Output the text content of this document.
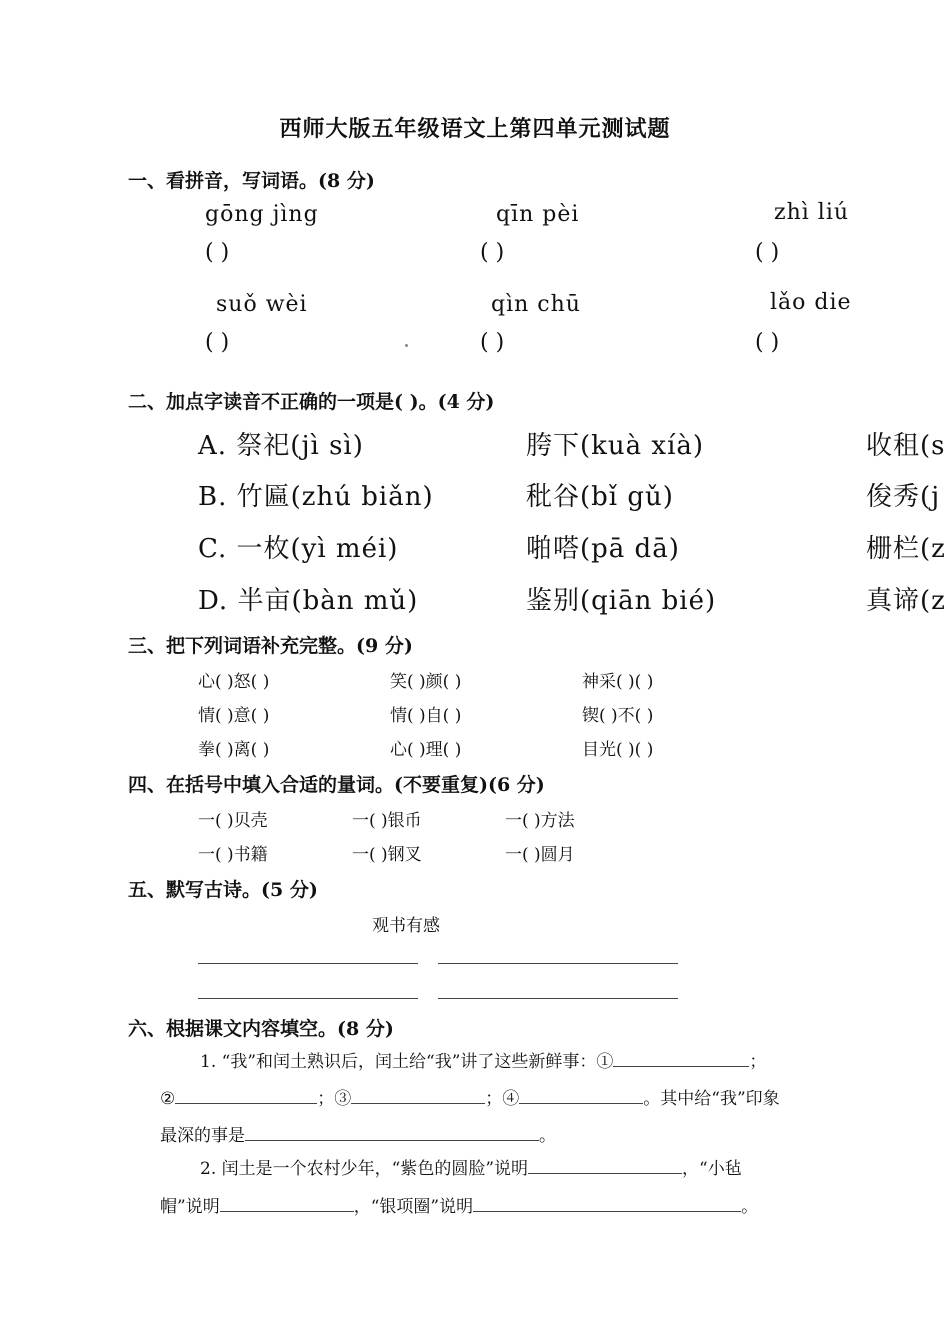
西师大版五年级语文上第四单元测试题
一、看拼音，写词语。(8 分)
gōng jìng	qīn pèi	zhì liú
( )	( )	( )
suǒ wèi	qìn chū	lǎo die
( )	( )	( )
二、加点字读音不正确的一项是( )。(4 分)
A. 祭祀(jì sì)	胯下(kuà xíà)	收租(s
B. 竹匾(zhú biǎn)	秕谷(bǐ gǔ)	俊秀(j
C. 一枚(yì méi)	啪嗒(pā dā)	栅栏(z
D. 半亩(bàn mǔ)	鉴别(qiān bié)	真谛(z
三、把下列词语补充完整。(9 分)
心( )怒( )	笑( )颜( )	神采( )( )
情( )意( )	情( )自( )	锲( )不( )
拳( )离( )	心( )理( )	目光( )( )
四、在括号中填入合适的量词。(不要重复)(6 分)
一( )贝壳	一( )银币	一( )方法
一( )书籍	一( )钢叉	一( )圆月
五、默写古诗。(5 分)
观书有感
六、根据课文内容填空。(8 分)
1. “我”和闰土熟识后，闰土给“我”讲了这些新鲜事：①	；
②	；③	；④	。其中给“我”印象
最深的事是	。
2. 闰土是一个农村少年，“紫色的圆脸”说明	，“小毡
帽”说明	，“银项圈”说明	。
